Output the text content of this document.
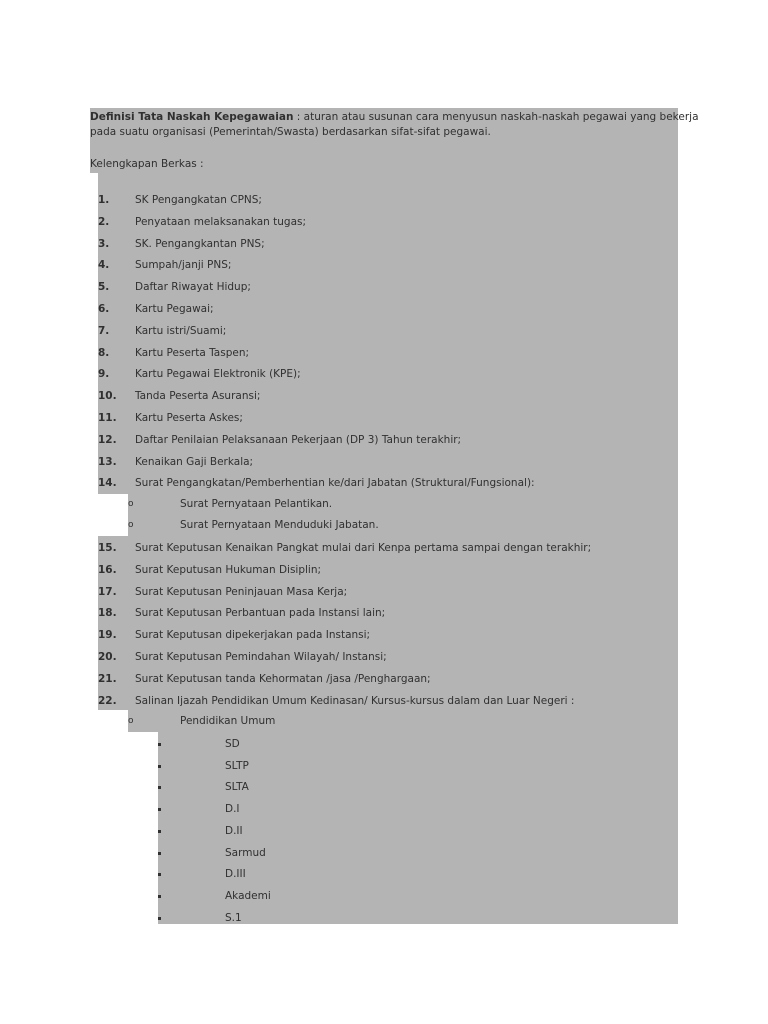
Definisi Tata Naskah Kepegawaian : aturan atau susunan cara menyusun naskah-naskah pegawai yang bekerja
pada suatu organisasi (Pemerintah/Swasta) berdasarkan sifat-sifat pegawai.
Kelengkapan Berkas :
1. SK Pengangkatan CPNS;
2. Penyataan melaksanakan tugas;
3. SK. Pengangkantan PNS;
4. Sumpah/janji PNS;
5. Daftar Riwayat Hidup;
6. Kartu Pegawai;
7. Kartu istri/Suami;
8. Kartu Peserta Taspen;
9. Kartu Pegawai Elektronik (KPE);
10. Tanda Peserta Asuransi;
11. Kartu Peserta Askes;
12. Daftar Penilaian Pelaksanaan Pekerjaan (DP 3) Tahun terakhir;
13. Kenaikan Gaji Berkala;
14. Surat Pengangkatan/Pemberhentian ke/dari Jabatan (Struktural/Fungsional):
o	Surat Pernyataan Pelantikan.
o	Surat Pernyataan Menduduki Jabatan.
15. Surat Keputusan Kenaikan Pangkat mulai dari Kenpa pertama sampai dengan terakhir;
16. Surat Keputusan Hukuman Disiplin;
17. Surat Keputusan Peninjauan Masa Kerja;
18. Surat Keputusan Perbantuan pada Instansi lain;
19. Surat Keputusan dipekerjakan pada Instansi;
20. Surat Keputusan Pemindahan Wilayah/ Instansi;
21. Surat Keputusan tanda Kehormatan /jasa /Penghargaan;
22. Salinan Ijazah Pendidikan Umum Kedinasan/ Kursus-kursus dalam dan Luar Negeri :
o	Pendidikan Umum
SD
SLTP
SLTA
D.I
D.II
Sarmud
D.III
Akademi
S.1
